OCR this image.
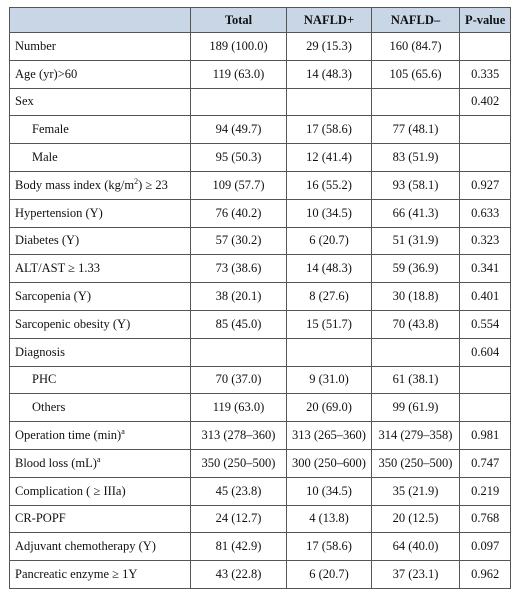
	Total	NAFLD+	NAFLD–	P-value
Number	189 (100.0)	29 (15.3)	160 (84.7)	
Age (yr)>60	119 (63.0)	14 (48.3)	105 (65.6)	0.335
Sex				0.402
Female	94 (49.7)	17 (58.6)	77 (48.1)	
Male	95 (50.3)	12 (41.4)	83 (51.9)	
Body mass index $(kg/m^2) \ge 23$	109 (57.7)	16 (55.2)	93 (58.1)	0.927
Hypertension (Y)	76 (40.2)	10 (34.5)	66 (41.3)	0.633
Diabetes (Y)	57 (30.2)	6 (20.7)	51 (31.9)	0.323
ALT/AST ≥ 1.33	73 (38.6)	14 (48.3)	59 (36.9)	0.341
Sarcopenia (Y)	38 (20.1)	8 (27.6)	30 (18.8)	0.401
Sarcopenic obesity (Y)	85 (45.0)	15 (51.7)	70 (43.8)	0.554
Diagnosis				0.604
PHC	70 (37.0)	9 (31.0)	61 (38.1)	
Others	119 (63.0)	20 (69.0)	99 (61.9)	
Operation time $(\min)^a$	313 (278–360)	313 (265–360)	314 (279–358)	0.981
Blood loss (mL)$^a$	350 (250–500)	300 (250–600)	350 (250–500)	0.747
Complication ( ≥ IIIa)	45 (23.8)	10 (34.5)	35 (21.9)	0.219
CR-POPF	24 (12.7)	4 (13.8)	20 (12.5)	0.768
Adjuvant chemotherapy (Y)	81 (42.9)	17 (58.6)	64 (40.0)	0.097
Pancreatic enzyme ≥ 1Y	43 (22.8)	6 (20.7)	37 (23.1)	0.962
